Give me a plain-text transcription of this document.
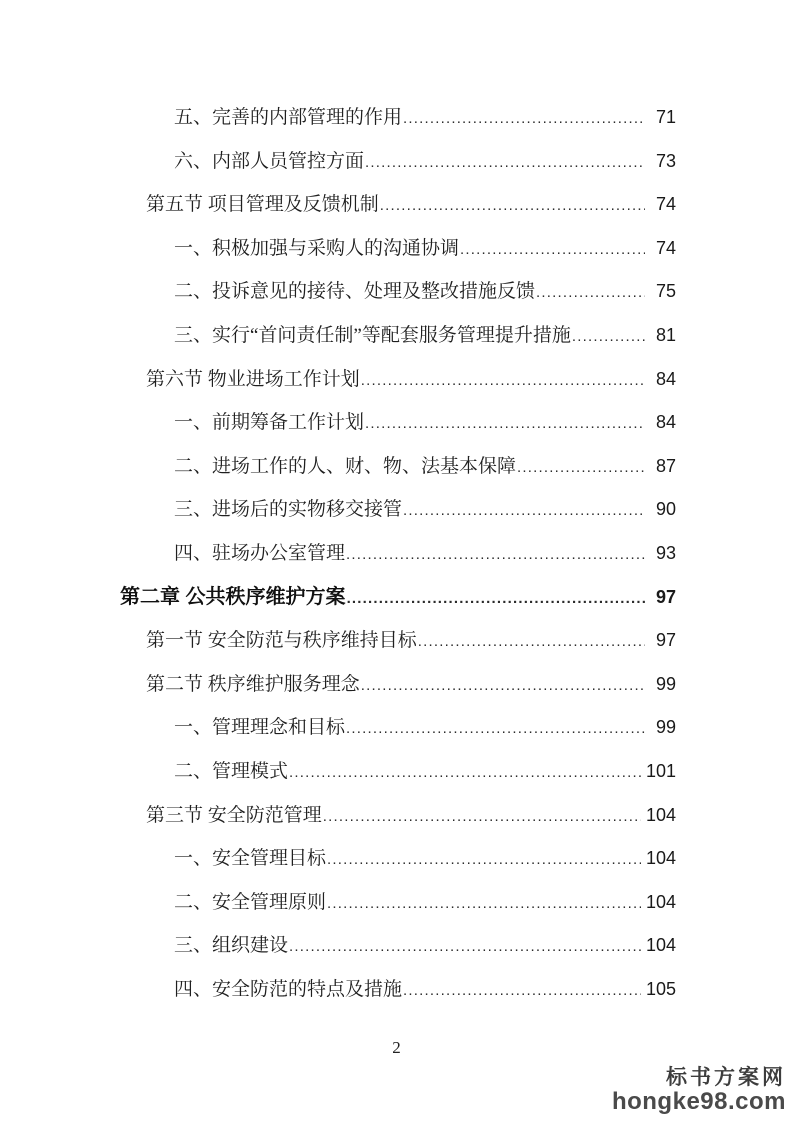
五、完善的内部管理的作用 .....	71
六、内部人员管控方面 .....	73
第五节 项目管理及反馈机制 .....	74
一、积极加强与采购人的沟通协调 .....	74
二、投诉意见的接待、处理及整改措施反馈 .....	75
三、实行“首问责任制”等配套服务管理提升措施 .....	81
第六节 物业进场工作计划 .....	84
一、前期筹备工作计划 .....	84
二、进场工作的人、财、物、法基本保障 .....	87
三、进场后的实物移交接管 .....	90
四、驻场办公室管理 .....	93
第二章 公共秩序维护方案 .....	97
第一节 安全防范与秩序维持目标 .....	97
第二节 秩序维护服务理念 .....	99
一、管理理念和目标 .....	99
二、管理模式 .....	101
第三节 安全防范管理 .....	104
一、安全管理目标 .....	104
二、安全管理原则 .....	104
三、组织建设 .....	104
四、安全防范的特点及措施 .....	105
2
标书方案网
hongke98.com
